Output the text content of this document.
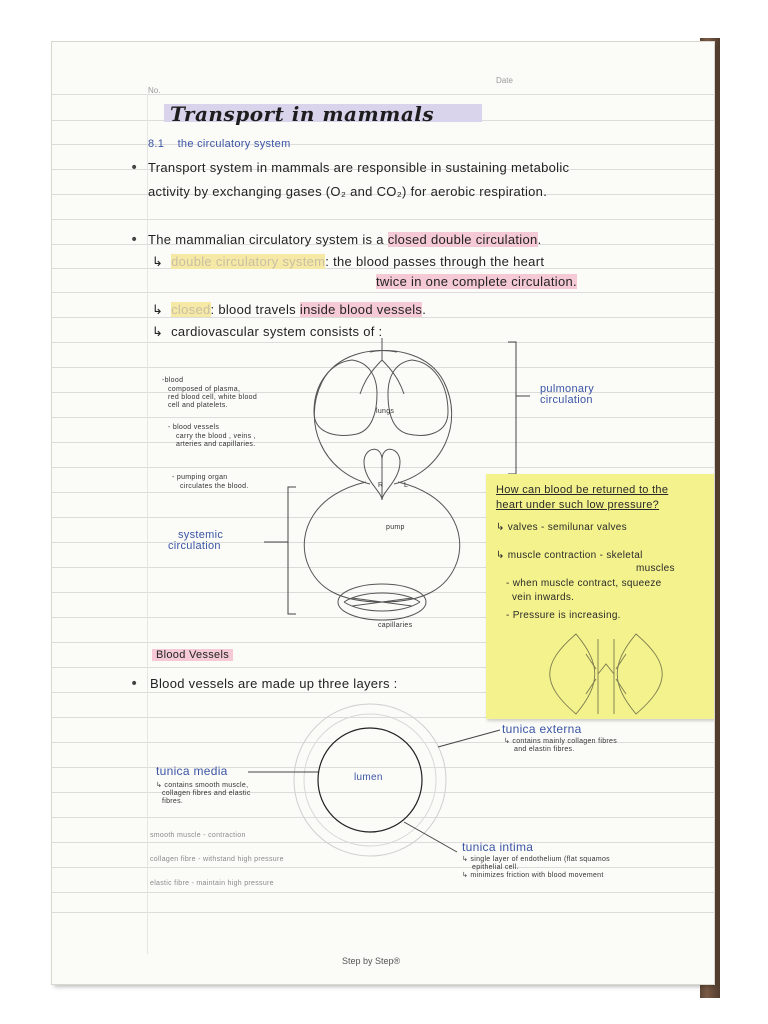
No.
Date
Transport in mammals
8.1 the circulatory system
• Transport system in mammals are responsible in sustaining metabolic
activity by exchanging gases (O₂ and CO₂) for aerobic respiration.
• The mammalian circulatory system is a closed double circulation.
↳ double circulatory system: the blood passes through the heart
twice in one complete circulation.
↳ closed: blood travels inside blood vessels.
↳ cardiovascular system consists of :
-blood
composed of plasma,
red blood cell, white blood
cell and platelets.
- blood vessels
carry the blood , veins ,
arteries and capillaries.
- pumping organ
circulates the blood.
lungs
R	L
pump
capillaries
pulmonary
circulation
systemic
circulation
Blood Vessels
• Blood vessels are made up three layers :
tunica externa
↳ contains mainly collagen fibres
and elastin fibres.
tunica media
↳ contains smooth muscle,
collagen fibres and elastic
fibres.
lumen
tunica intima
↳ single layer of endothelium (flat squamos
epithelial cell.
↳ minimizes friction with blood movement
smooth muscle - contraction
collagen fibre - withstand high pressure
elastic fibre - maintain high pressure
How can blood be returned to the
heart under such low pressure?
↳ valves - semilunar valves
↳ muscle contraction - skeletal
muscles
- when muscle contract, squeeze
vein inwards.
- Pressure is increasing.
Step by Step®
